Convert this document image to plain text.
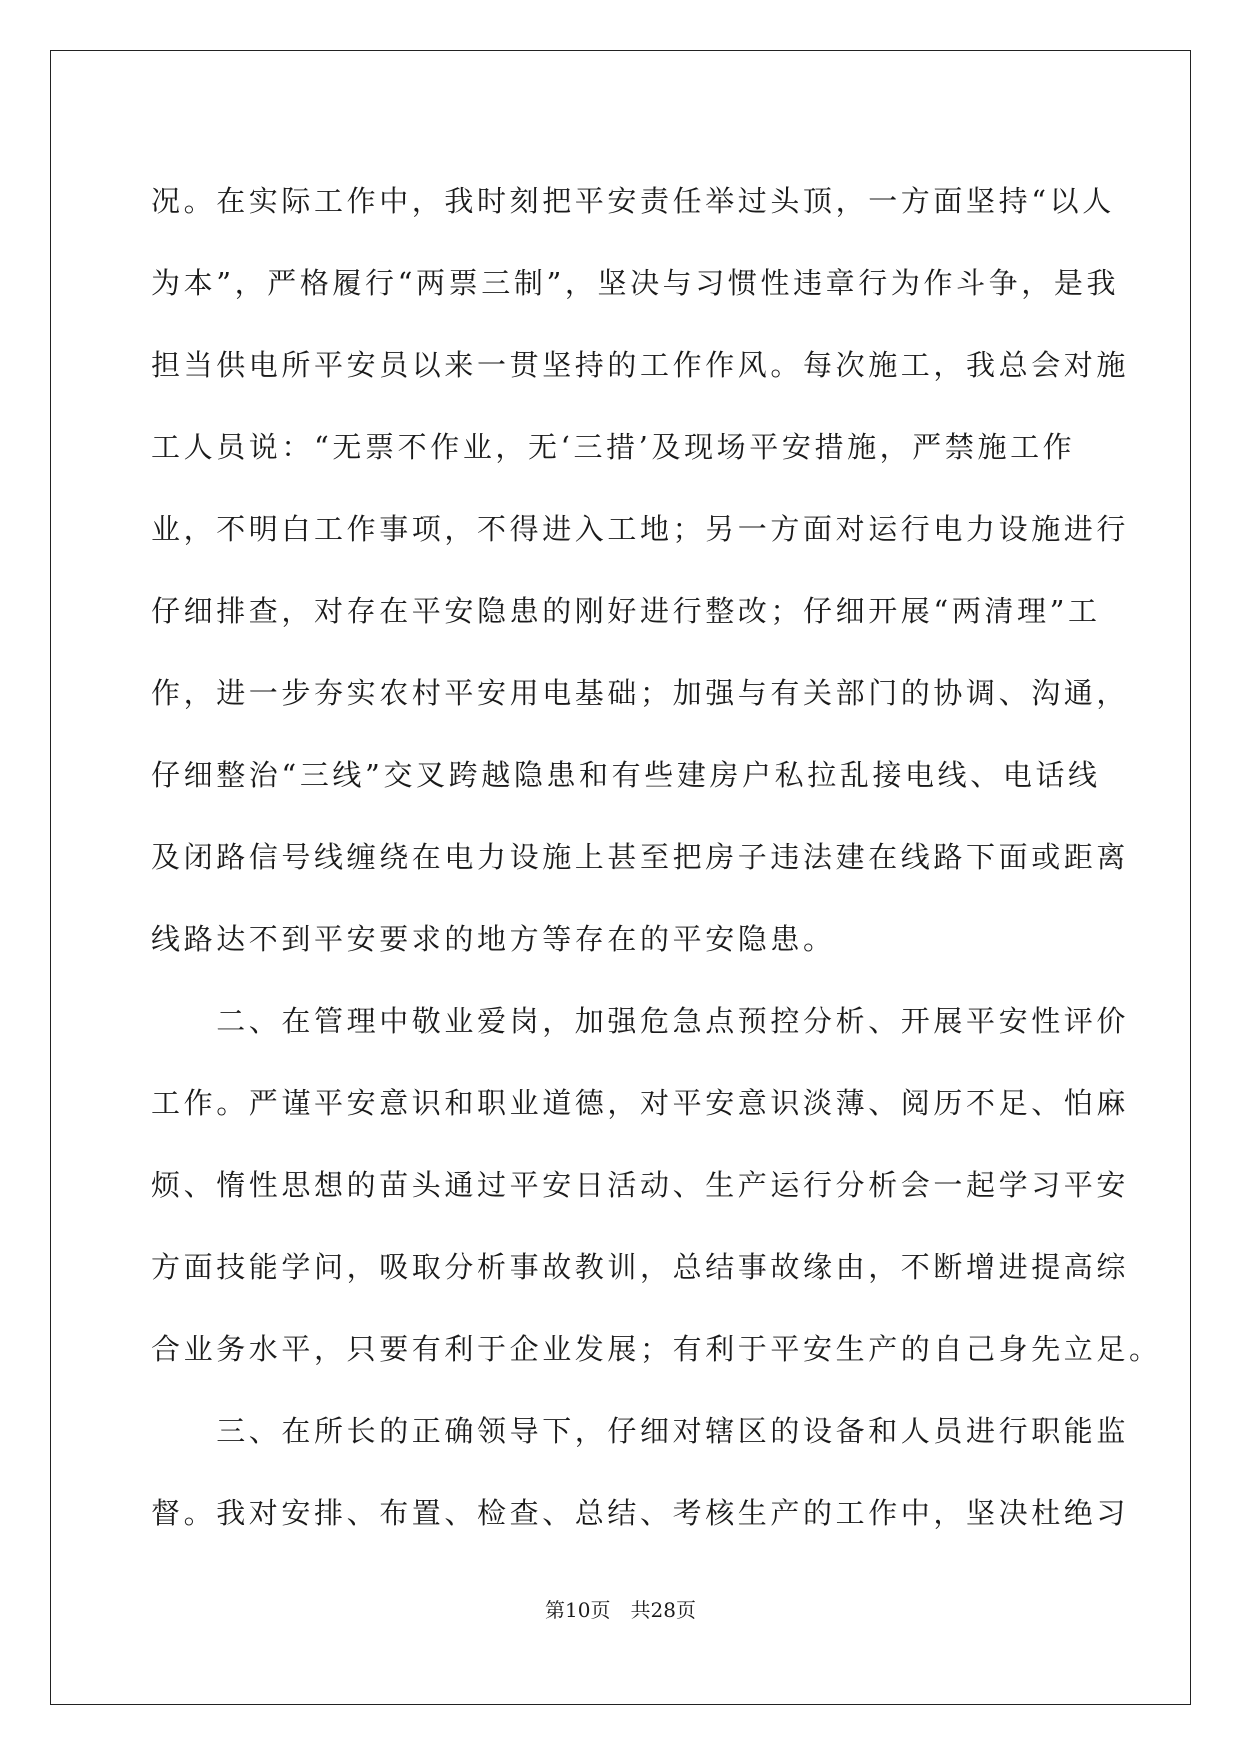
况。在实际工作中，我时刻把平安责任举过头顶，一方面坚持“以人
为本”，严格履行“两票三制”，坚决与习惯性违章行为作斗争，是我
担当供电所平安员以来一贯坚持的工作作风。每次施工，我总会对施
工人员说：“无票不作业，无‘三措’及现场平安措施，严禁施工作
业，不明白工作事项，不得进入工地；另一方面对运行电力设施进行
仔细排查，对存在平安隐患的刚好进行整改；仔细开展“两清理”工
作，进一步夯实农村平安用电基础；加强与有关部门的协调、沟通，
仔细整治“三线”交叉跨越隐患和有些建房户私拉乱接电线、电话线
及闭路信号线缠绕在电力设施上甚至把房子违法建在线路下面或距离
线路达不到平安要求的地方等存在的平安隐患。
　　二、在管理中敬业爱岗，加强危急点预控分析、开展平安性评价
工作。严谨平安意识和职业道德，对平安意识淡薄、阅历不足、怕麻
烦、惰性思想的苗头通过平安日活动、生产运行分析会一起学习平安
方面技能学问，吸取分析事故教训，总结事故缘由，不断增进提高综
合业务水平，只要有利于企业发展；有利于平安生产的自己身先立足。
　　三、在所长的正确领导下，仔细对辖区的设备和人员进行职能监
督。我对安排、布置、检查、总结、考核生产的工作中，坚决杜绝习
第10页　共28页
